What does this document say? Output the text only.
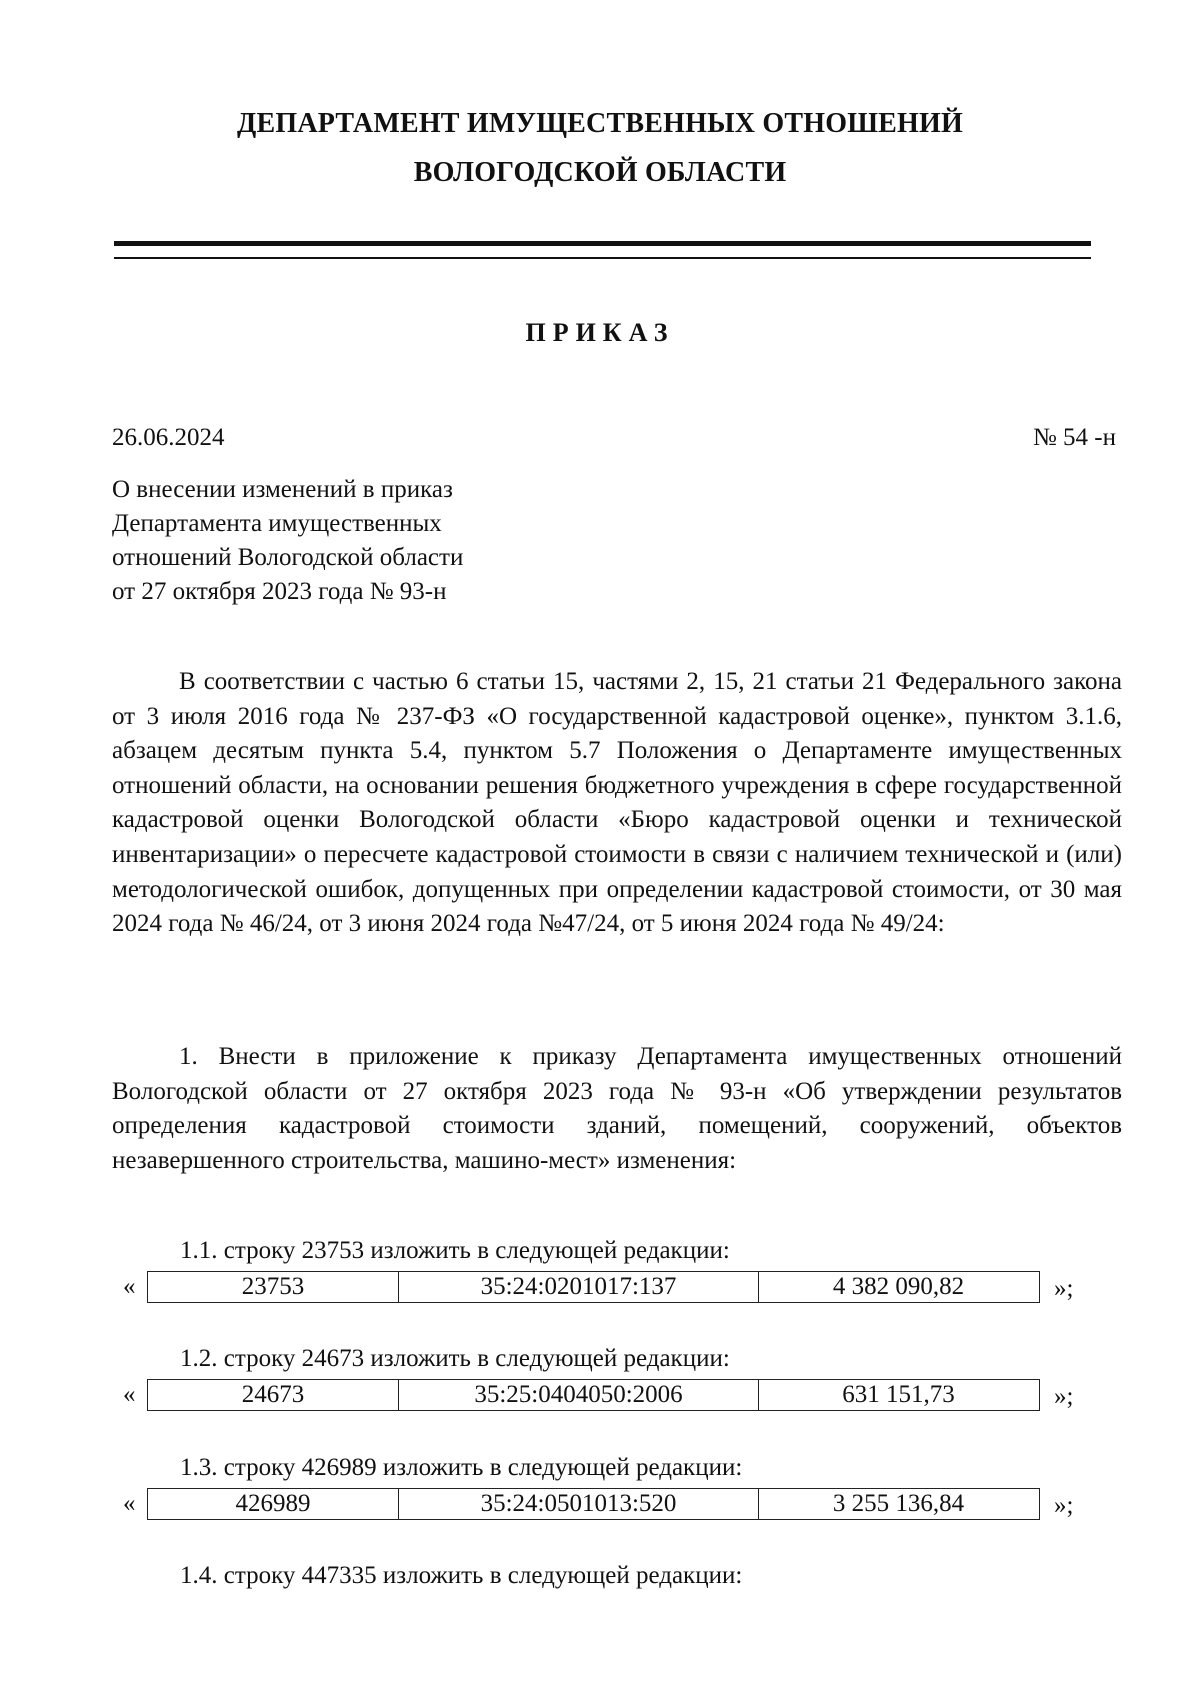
ДЕПАРТАМЕНТ ИМУЩЕСТВЕННЫХ ОТНОШЕНИЙ
ВОЛОГОДСКОЙ ОБЛАСТИ
ПРИКАЗ
26.06.2024	№ 54 -н
О внесении изменений в приказ
Департамента имущественных
отношений Вологодской области
от 27 октября 2023 года № 93-н
В соответствии с частью 6 статьи 15, частями 2, 15, 21 статьи 21 Федерального закона от 3 июля 2016 года № 237-ФЗ «О государственной кадастровой оценке», пунктом 3.1.6, абзацем десятым пункта 5.4, пунктом 5.7 Положения о Департаменте имущественных отношений области, на основании решения бюджетного учреждения в сфере государственной кадастровой оценки Вологодской области «Бюро кадастровой оценки и технической инвентаризации» о пересчете кадастровой стоимости в связи с наличием технической и (или) методологической ошибок, допущенных при определении кадастровой стоимости, от 30 мая 2024 года № 46/24, от 3 июня 2024 года №47/24, от 5 июня 2024 года № 49/24:
1. Внести в приложение к приказу Департамента имущественных отношений Вологодской области от 27 октября 2023 года № 93-н «Об утверждении результатов определения кадастровой стоимости зданий, помещений, сооружений, объектов незавершенного строительства, машино-мест» изменения:
1.1. строку 23753 изложить в следующей редакции:
«	23753	35:24:0201017:137	4 382 090,82	»;
1.2. строку 24673 изложить в следующей редакции:
«	24673	35:25:0404050:2006	631 151,73	»;
1.3. строку 426989 изложить в следующей редакции:
«	426989	35:24:0501013:520	3 255 136,84	»;
1.4. строку 447335 изложить в следующей редакции:
